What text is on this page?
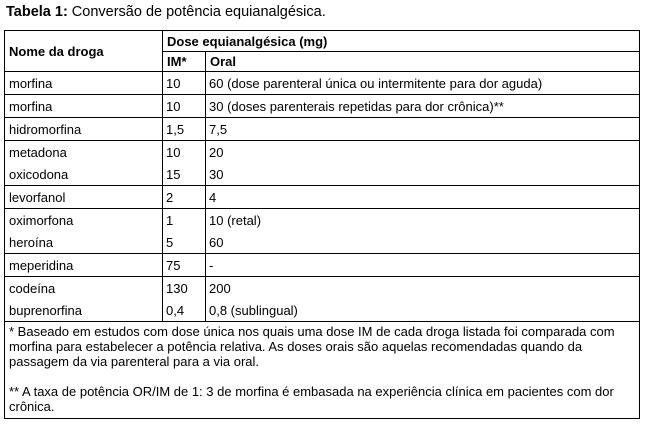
Tabela 1: Conversão de potência equianalgésica.
Nome da droga	Dose equianalgésica (mg)	
	IM*	Oral
morfina	10	60 (dose parenteral única ou intermitente para dor aguda)
morfina	10	30 (doses parenterais repetidas para dor crônica)**
hidromorfina	1,5	7,5
metadona	10	20
oxicodona	15	30
levorfanol	2	4
oximorfona	1	10 (retal)
heroína	5	60
meperidina	75	-
codeína	130	200
buprenorfina	0,4	0,8 (sublingual)

* Baseado em estudos com dose única nos quais uma dose IM de cada droga listada foi comparada com morfina para estabelecer a potência relativa. As doses orais são aquelas recomendadas quando da passagem da via parenteral para a via oral.

** A taxa de potência OR/IM de 1: 3 de morfina é embasada na experiência clínica em pacientes com dor crônica.		
